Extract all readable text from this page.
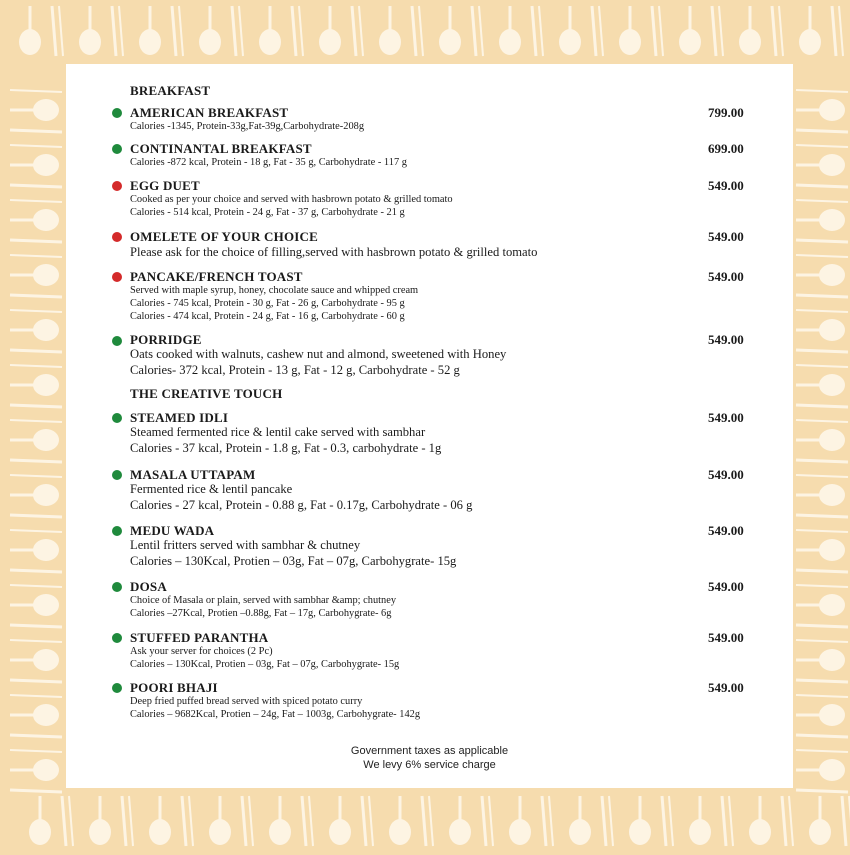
BREAKFAST
AMERICAN BREAKFAST	799.00
Calories -1345, Protein-33g,Fat-39g,Carbohydrate-208g
CONTINANTAL BREAKFAST	699.00
Calories -872 kcal, Protein - 18 g, Fat - 35 g, Carbohydrate - 117 g
EGG DUET	549.00
Cooked as per your choice and served with hasbrown potato & grilled tomato
Calories - 514 kcal, Protein - 24 g, Fat - 37 g, Carbohydrate - 21 g
OMELETE OF YOUR CHOICE	549.00
Please ask for the choice of filling,served with hasbrown potato & grilled tomato
PANCAKE/FRENCH TOAST	549.00
Served with maple syrup, honey, chocolate sauce and whipped cream
Calories - 745 kcal, Protein - 30 g, Fat - 26 g, Carbohydrate - 95 g
Calories - 474 kcal, Protein - 24 g, Fat - 16 g, Carbohydrate - 60 g
PORRIDGE	549.00
Oats cooked with walnuts, cashew nut and almond, sweetened with Honey
Calories- 372 kcal, Protein - 13 g, Fat - 12 g, Carbohydrate - 52 g
THE CREATIVE TOUCH
STEAMED IDLI	549.00
Steamed fermented rice & lentil cake served with sambhar
Calories - 37 kcal, Protein - 1.8 g, Fat - 0.3, carbohydrate - 1g
MASALA UTTAPAM	549.00
Fermented rice & lentil pancake
Calories - 27 kcal, Protein - 0.88 g, Fat - 0.17g, Carbohydrate - 06 g
MEDU WADA	549.00
Lentil fritters served with sambhar & chutney
Calories – 130Kcal, Protien – 03g, Fat – 07g, Carbohygrate- 15g
DOSA	549.00
Choice of Masala or plain, served with sambhar &amp; chutney
Calories –27Kcal, Protien –0.88g, Fat – 17g, Carbohygrate- 6g
STUFFED PARANTHA	549.00
Ask your server for choices (2 Pc)
Calories – 130Kcal, Protien – 03g, Fat – 07g, Carbohygrate- 15g
POORI BHAJI	549.00
Deep fried puffed bread served with spiced potato curry
Calories – 9682Kcal, Protien – 24g, Fat – 1003g, Carbohygrate- 142g
Government taxes as applicable
We levy 6% service charge
